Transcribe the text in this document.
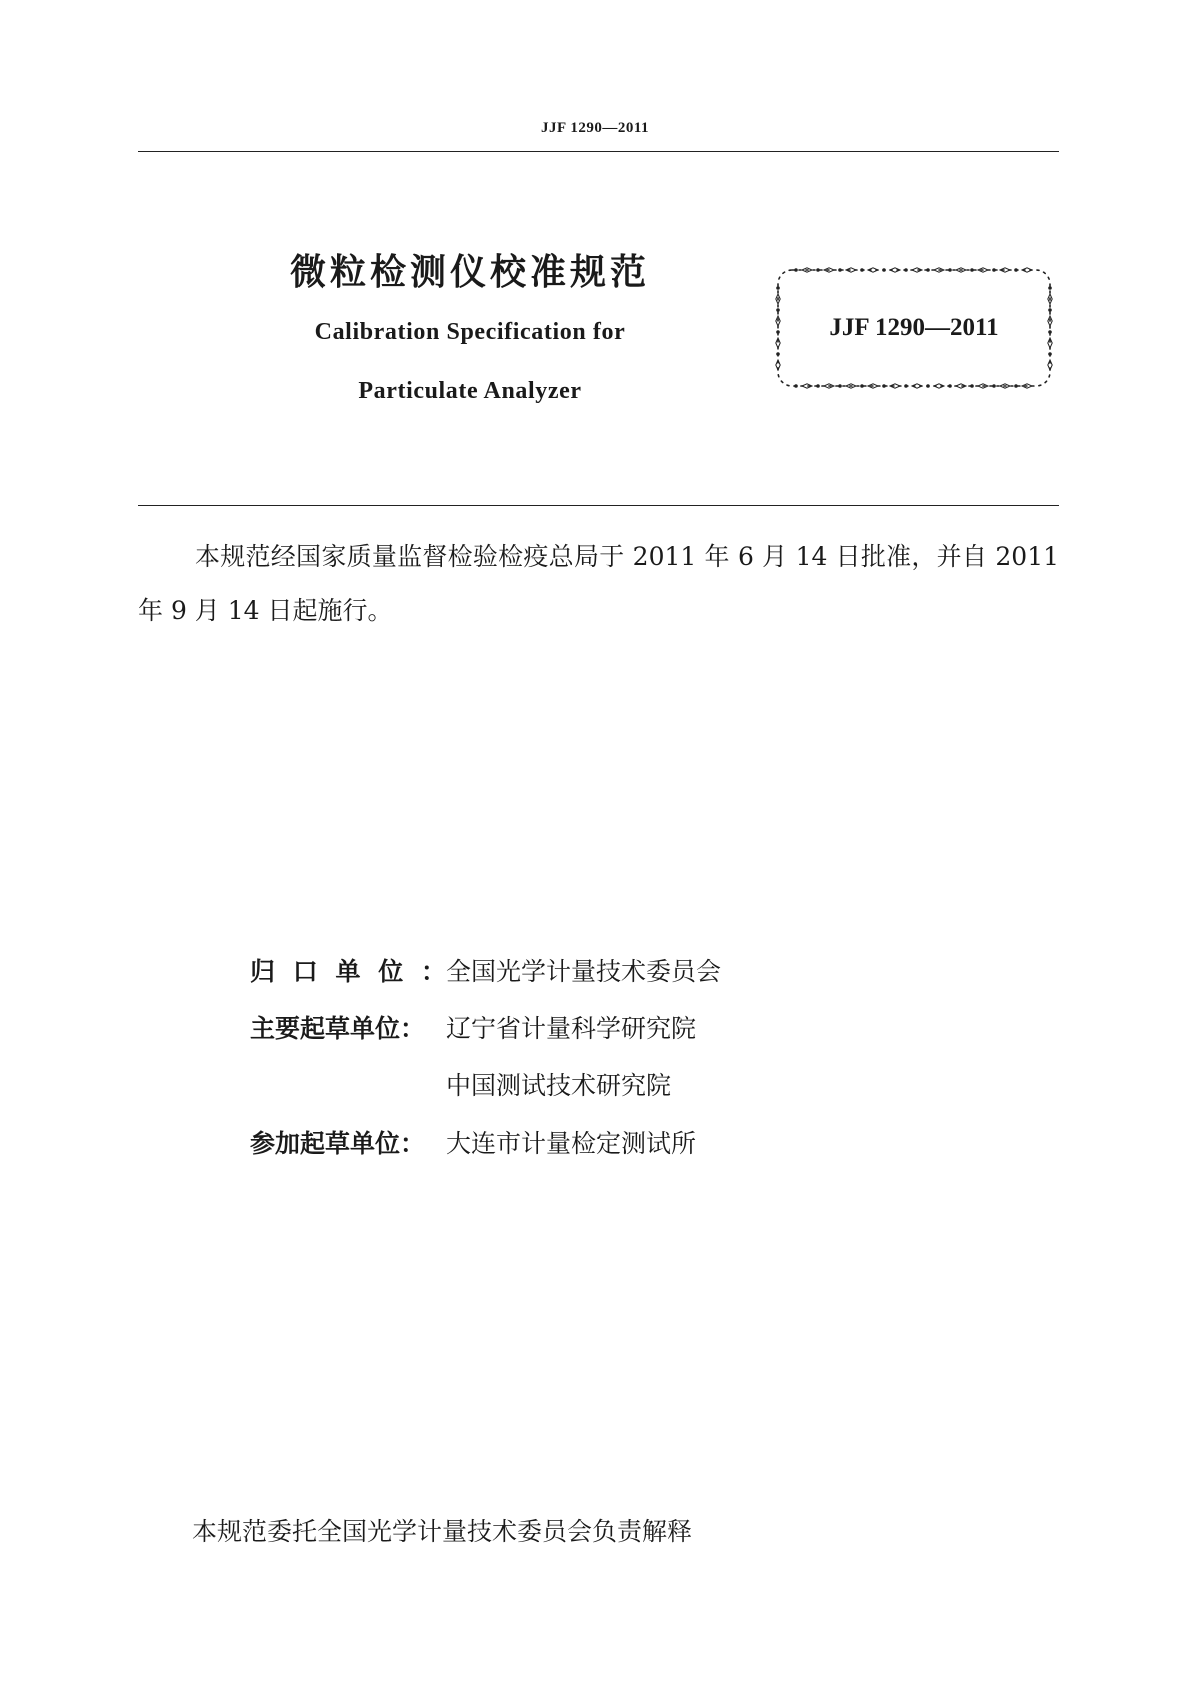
JJF 1290—2011
微粒检测仪校准规范
Calibration Specification for
Particulate Analyzer
JJF 1290—2011
本规范经国家质量监督检验检疫总局于 2011 年 6 月 14 日批准，并自 2011 年 9 月 14 日起施行。
归 口 单 位 ： 全国光学计量技术委员会
主要起草单位： 辽宁省计量科学研究院
中国测试技术研究院
参加起草单位： 大连市计量检定测试所
本规范委托全国光学计量技术委员会负责解释
